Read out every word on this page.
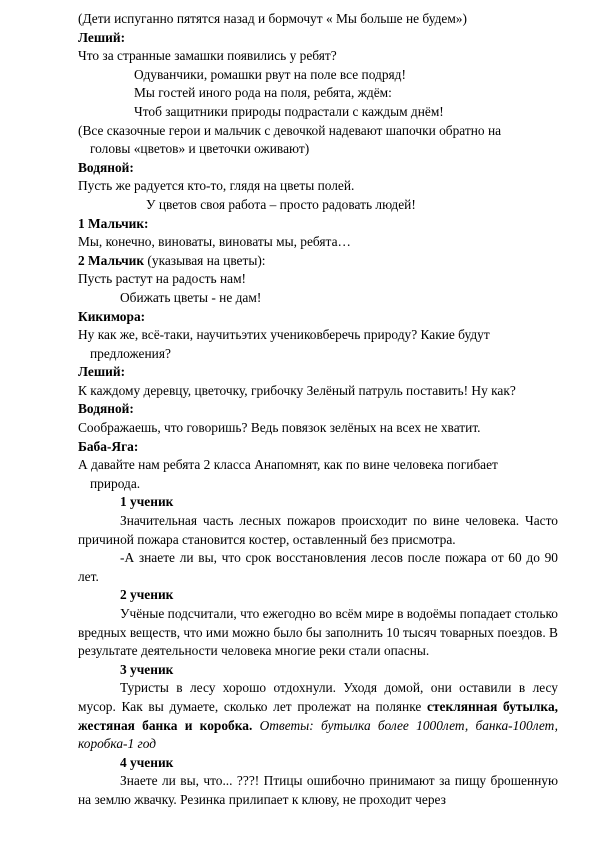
(Дети испуганно пятятся назад и бормочут « Мы больше не будем»)
Леший:
Что за странные замашки появились у ребят?
Одуванчики, ромашки рвут на поле все подряд!
Мы гостей иного рода на поля, ребята, ждём:
Чтоб защитники природы подрастали с каждым днём!
(Все сказочные герои и мальчик с девочкой надевают шапочки обратно на
головы «цветов» и цветочки оживают)
Водяной:
Пусть же радуется кто-то, глядя на цветы полей.
У цветов своя работа – просто радовать людей!
1 Мальчик:
Мы, конечно, виноваты, виноваты мы, ребята…
2 Мальчик (указывая на цветы):
Пусть растут на радость нам!
Обижать цветы - не дам!
Кикимора:
Ну как же, всё-таки, научитьэтих учениковберечь природу? Какие будут
предложения?
Леший:
К каждому деревцу, цветочку, грибочку Зелёный патруль поставить! Ну как?
Водяной:
Соображаешь, что говоришь? Ведь повязок зелёных на всех не хватит.
Баба-Яга:
А давайте нам ребята 2 класса Анапомнят, как по вине человека погибает
природа.
1 ученик
Значительная часть лесных пожаров происходит по вине человека. Часто причиной пожара становится костер, оставленный без присмотра.
-А знаете ли вы, что срок восстановления лесов после пожара от 60 до 90 лет.
2 ученик
Учёные подсчитали, что ежегодно во всём мире в водоёмы попадает столько вредных веществ, что ими можно было бы заполнить 10 тысяч товарных поездов. В результате деятельности человека многие реки стали опасны.
3 ученик
Туристы в лесу хорошо отдохнули. Уходя домой, они оставили в лесу мусор. Как вы думаете, сколько лет пролежат на полянке стеклянная бутылка, жестяная банка и коробка. Ответы: бутылка более 1000лет, банка-100лет, коробка-1 год
4 ученик
Знаете ли вы, что... ???! Птицы ошибочно принимают за пищу брошенную на землю жвачку. Резинка прилипает к клюву, не проходит через
